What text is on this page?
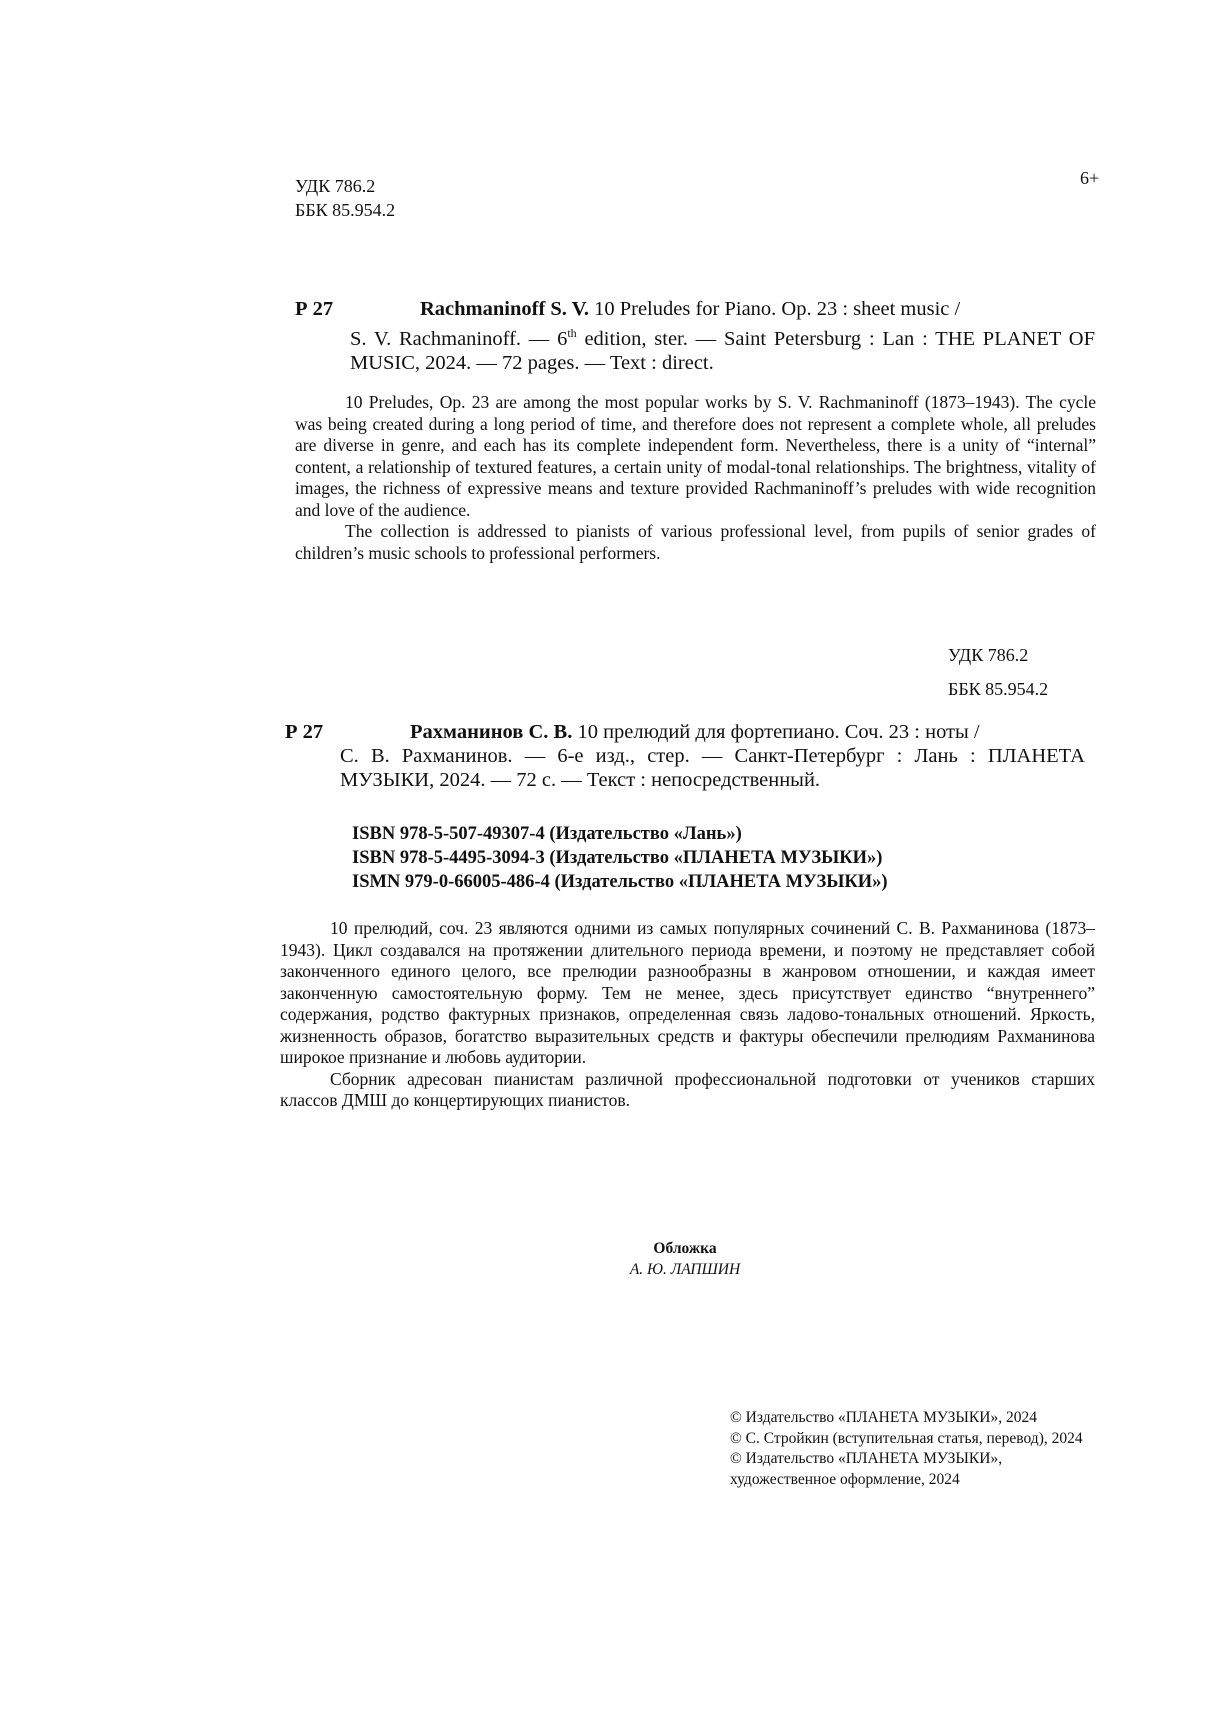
УДК 786.2
ББК 85.954.2
6+
Р 27	Rachmaninoff S. V. 10 Preludes for Piano. Op. 23 : sheet music /
S. V. Rachmaninoff. — 6th edition, ster. — Saint Petersburg : Lan : THE PLANET OF MUSIC, 2024. — 72 pages. — Text : direct.

10 Preludes, Op. 23 are among the most popular works by S. V. Rachmaninoff (1873–1943). The cycle was being created during a long period of time, and therefore does not represent a complete whole, all preludes are diverse in genre, and each has its complete independent form. Nevertheless, there is a unity of “internal” content, a relationship of textured features, a certain unity of modal-tonal relationships. The brightness, vitality of images, the richness of expressive means and texture provided Rachmaninoff’s preludes with wide recognition and love of the audience.

The collection is addressed to pianists of various professional level, from pupils of senior grades of children’s music schools to professional performers.

УДК 786.2
ББК 85.954.2
Р 27	Рахманинов С. В. 10 прелюдий для фортепиано. Соч. 23 : ноты /
С. В. Рахманинов. — 6-е изд., стер. — Санкт-Петербург : Лань : ПЛАНЕТА МУЗЫКИ, 2024. — 72 с. — Текст : непосредственный.

ISBN 978-5-507-49307-4 (Издательство «Лань»)
ISBN 978-5-4495-3094-3 (Издательство «ПЛАНЕТА МУЗЫКИ»)
ISMN 979-0-66005-486-4 (Издательство «ПЛАНЕТА МУЗЫКИ»)

10 прелюдий, соч. 23 являются одними из самых популярных сочинений С. В. Рахманинова (1873–1943). Цикл создавался на протяжении длительного периода времени, и поэтому не представляет собой законченного единого целого, все прелюдии разнообразны в жанровом отношении, и каждая имеет законченную самостоятельную форму. Тем не менее, здесь присутствует единство “внутреннего” содержания, родство фактурных признаков, определенная связь ладово-тональных отношений. Яркость, жизненность образов, богатство выразительных средств и фактуры обеспечили прелюдиям Рахманинова широкое признание и любовь аудитории.

Сборник адресован пианистам различной профессиональной подготовки от учеников старших классов ДМШ до концертирующих пианистов.

Обложка
А. Ю. ЛАПШИН
© Издательство «ПЛАНЕТА МУЗЫКИ», 2024
© С. Стройкин (вступительная статья, перевод), 2024
© Издательство «ПЛАНЕТА МУЗЫКИ», художественное оформление, 2024
